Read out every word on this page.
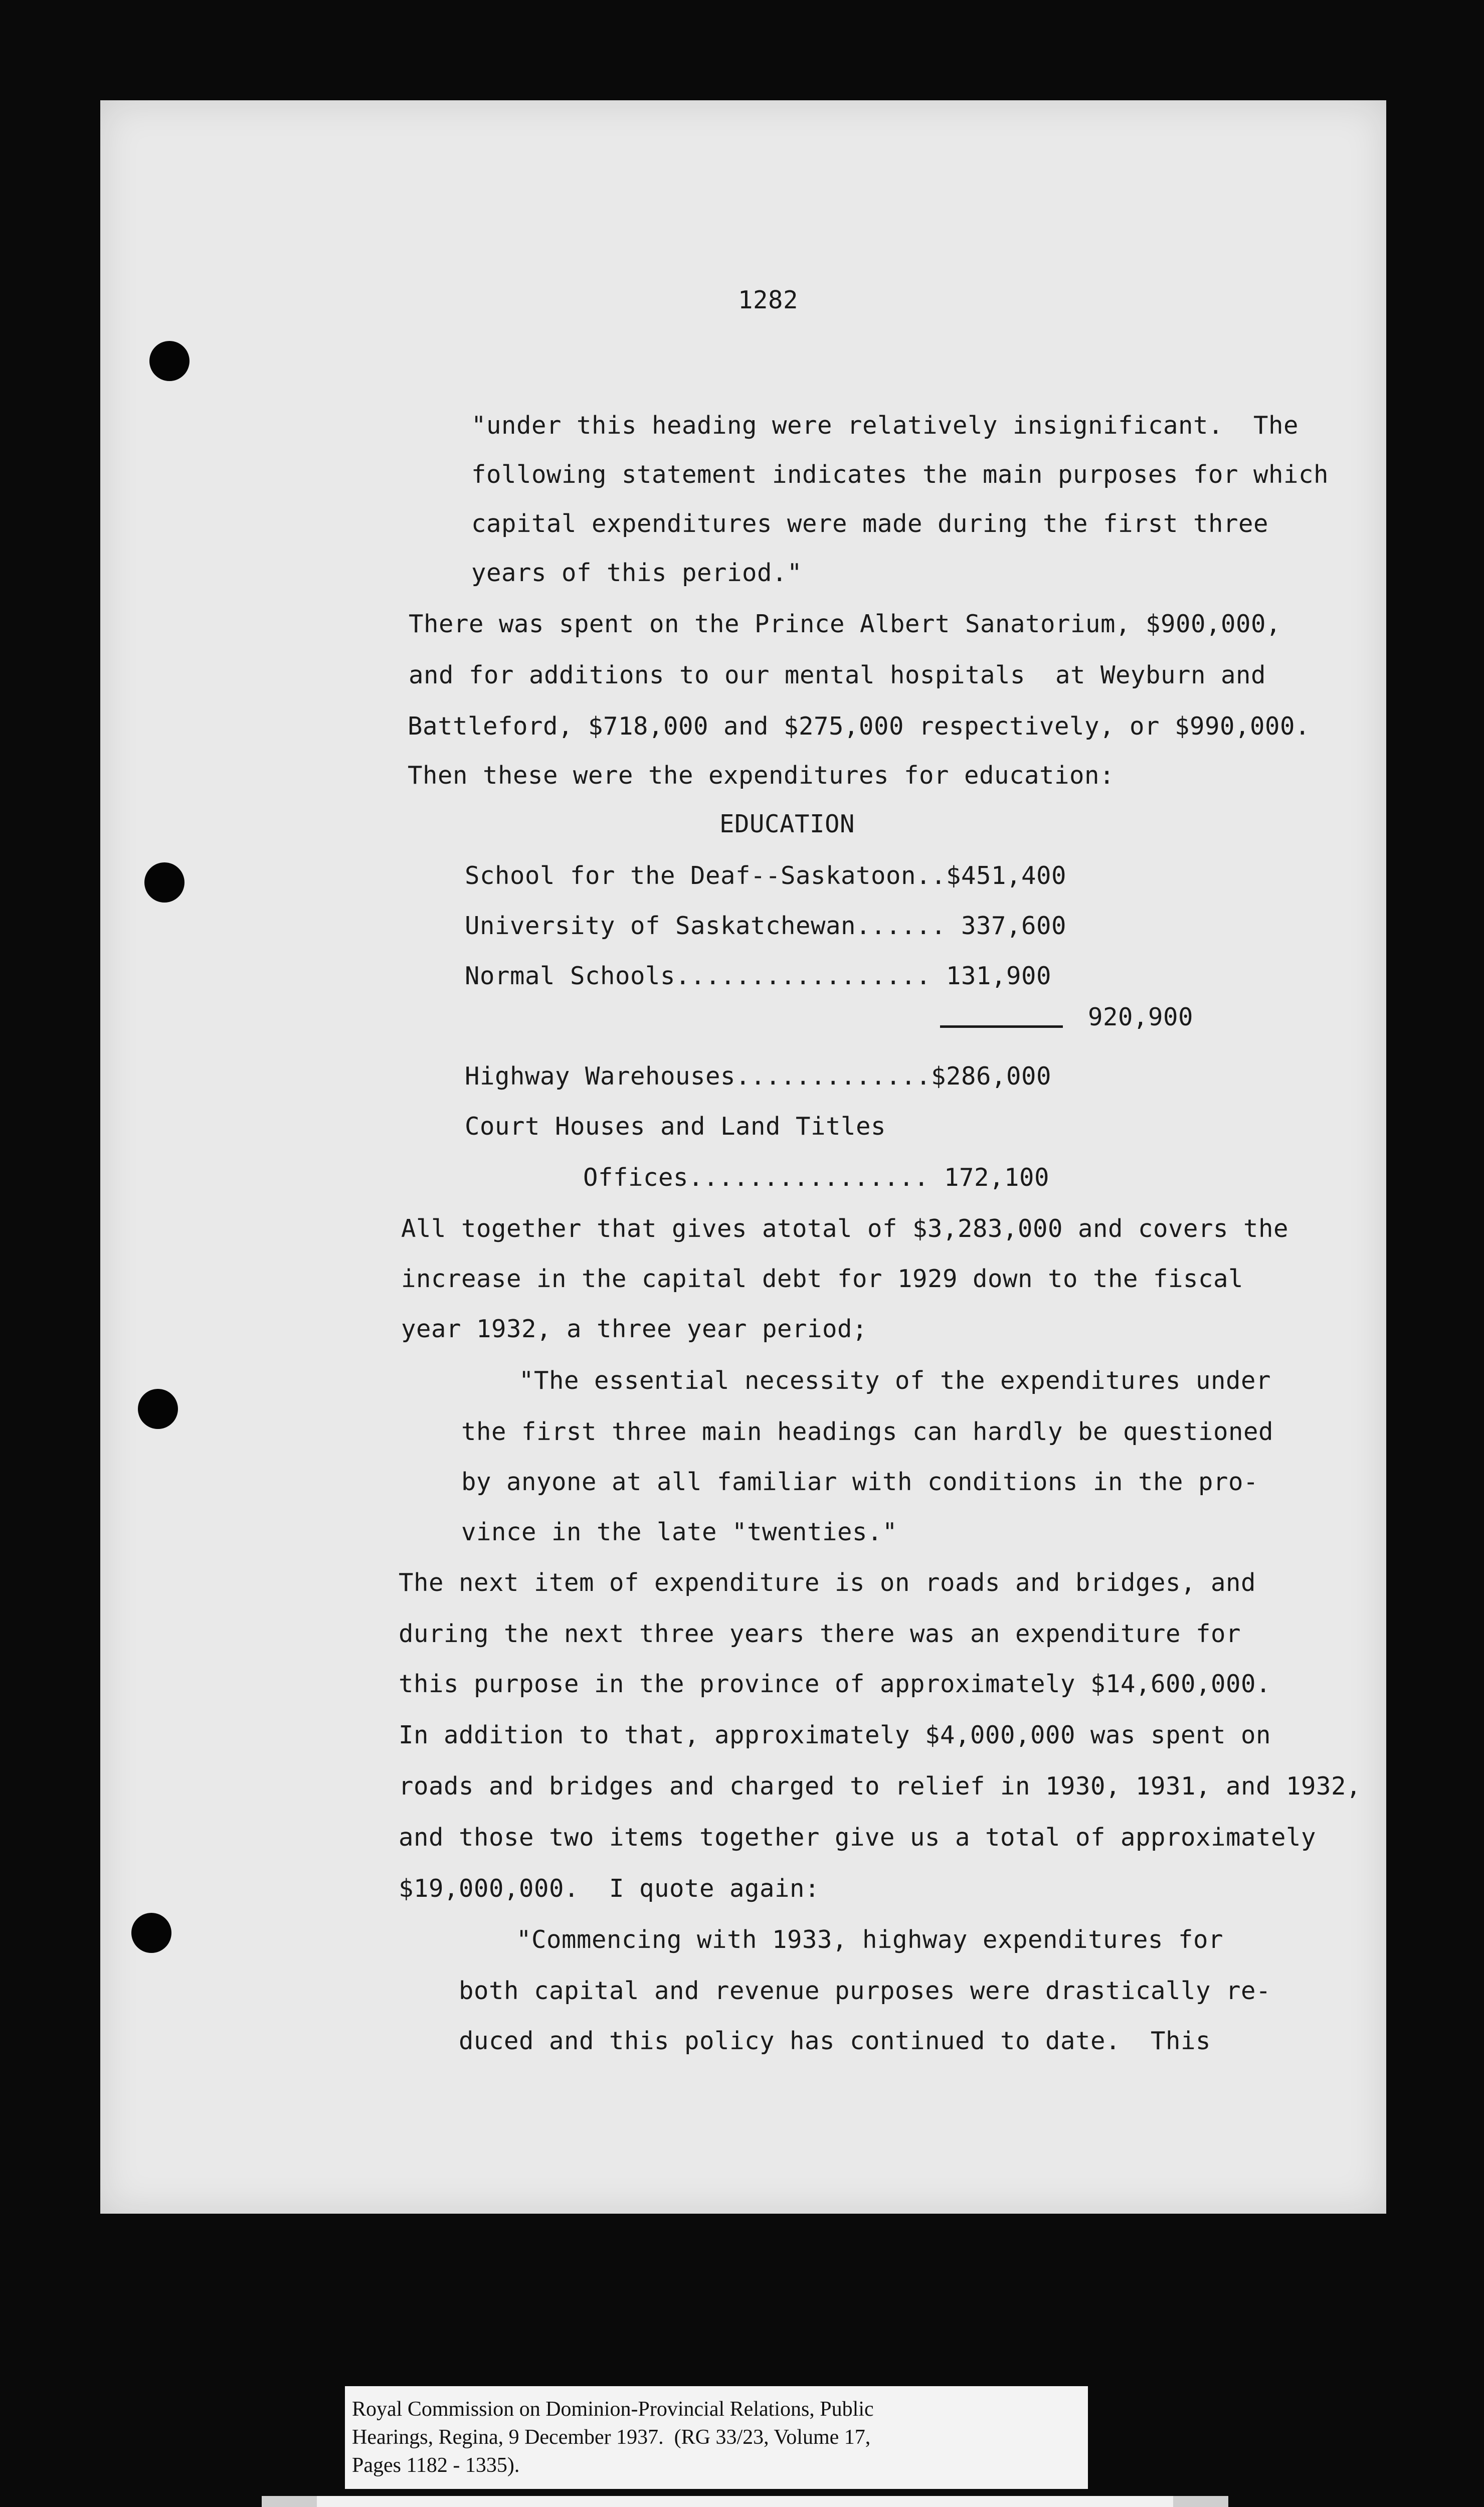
1282
"under this heading were relatively insignificant.  The
following statement indicates the main purposes for which
capital expenditures were made during the first three
years of this period."
There was spent on the Prince Albert Sanatorium, $900,000,
and for additions to our mental hospitals  at Weyburn and
Battleford, $718,000 and $275,000 respectively, or $990,000.
Then these were the expenditures for education:
EDUCATION
School for the Deaf--Saskatoon..$451,400
University of Saskatchewan...... 337,600
Normal Schools................. 131,900
920,900
Highway Warehouses.............$286,000
Court Houses and Land Titles
Offices................ 172,100
All together that gives atotal of $3,283,000 and covers the
increase in the capital debt for 1929 down to the fiscal
year 1932, a three year period;
"The essential necessity of the expenditures under
the first three main headings can hardly be questioned
by anyone at all familiar with conditions in the pro-
vince in the late "twenties."
The next item of expenditure is on roads and bridges, and
during the next three years there was an expenditure for
this purpose in the province of approximately $14,600,000.
In addition to that, approximately $4,000,000 was spent on
roads and bridges and charged to relief in 1930, 1931, and 1932,
and those two items together give us a total of approximately
$19,000,000.  I quote again:
"Commencing with 1933, highway expenditures for
both capital and revenue purposes were drastically re-
duced and this policy has continued to date.  This
Royal Commission on Dominion-Provincial Relations, Public
Hearings, Regina, 9 December 1937.  (RG 33/23, Volume 17,
Pages 1182 - 1335).
